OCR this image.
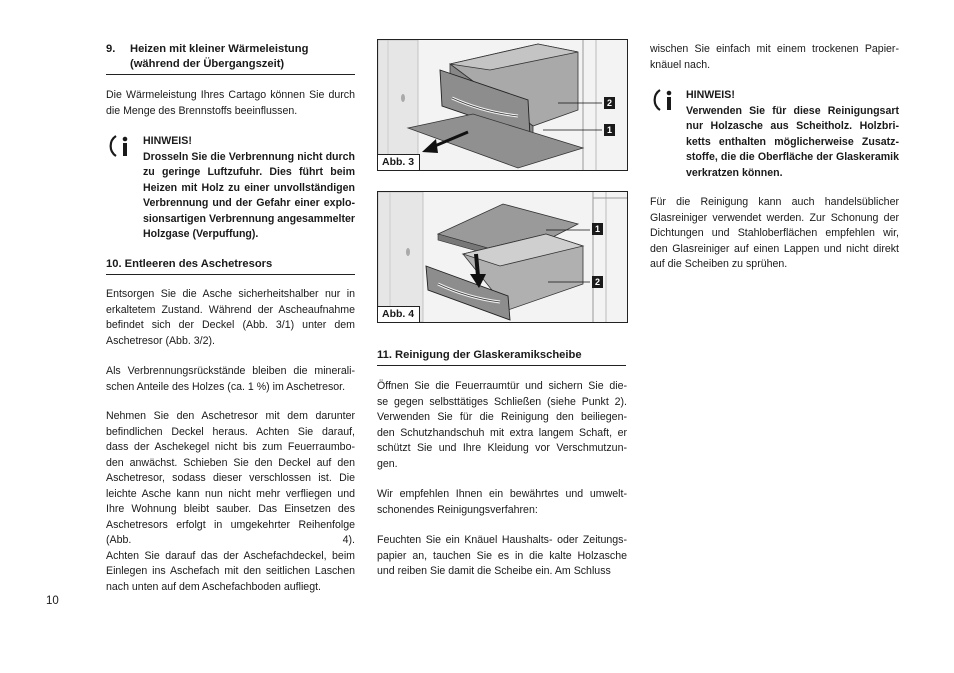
9. Heizen mit kleiner Wärmeleistung
(während der Übergangszeit)

Die Wärmeleistung Ihres Cartago können Sie durch
die Menge des Brennstoffs beeinflussen.

HINWEIS!
Drosseln Sie die Verbrennung nicht durch
zu geringe Luftzufuhr. Dies führt beim
Heizen mit Holz zu einer unvollständigen
Verbrennung und der Gefahr einer explo-
sionsartigen Verbrennung angesammelter
Holzgase (Verpuffung).

10. Entleeren des Aschetresors

Entsorgen Sie die Asche sicherheitshalber nur in
erkaltetem Zustand. Während der Ascheaufnahme
befindet sich der Deckel (Abb. 3/1) unter dem
Aschetresor (Abb. 3/2).

Als Verbrennungsrückstände bleiben die minerali-
schen Anteile des Holzes (ca. 1 %) im Aschetresor.

Nehmen Sie den Aschetresor mit dem darunter
befindlichen Deckel heraus. Achten Sie darauf,
dass der Aschekegel nicht bis zum Feuerraumbo-
den anwächst. Schieben Sie den Deckel auf den
Aschetresor, sodass dieser verschlossen ist. Die
leichte Asche kann nun nicht mehr verfliegen und
Ihre Wohnung bleibt sauber. Das Einsetzen des
Aschetresors erfolgt in umgekehrter Reihenfolge
(Abb. 4).
Achten Sie darauf das der Aschefachdeckel, beim
Einlegen ins Aschefach mit den seitlichen Laschen
nach unten auf dem Aschefachboden aufliegt.

10
2
1
Abb. 3
1
2
Abb. 4
11. Reinigung der Glaskeramikscheibe

Öffnen Sie die Feuerraumtür und sichern Sie die-
se gegen selbsttätiges Schließen (siehe Punkt 2).
Verwenden Sie für die Reinigung den beiliegen-
den Schutzhandschuh mit extra langem Schaft, er
schützt Sie und Ihre Kleidung vor Verschmutzun-
gen.

Wir empfehlen Ihnen ein bewährtes und umwelt-
schonendes Reinigungsverfahren:

Feuchten Sie ein Knäuel Haushalts- oder Zeitungs-
papier an, tauchen Sie es in die kalte Holzasche
und reiben Sie damit die Scheibe ein. Am Schluss

wischen Sie einfach mit einem trockenen Papier-
knäuel nach.

HINWEIS!
Verwenden Sie für diese Reinigungsart
nur Holzasche aus Scheitholz. Holzbri-
ketts enthalten möglicherweise Zusatz-
stoffe, die die Oberfläche der Glaskeramik
verkratzen können.

Für die Reinigung kann auch handelsüblicher
Glasreiniger verwendet werden. Zur Schonung der
Dichtungen und Stahloberflächen empfehlen wir,
den Glasreiniger auf einen Lappen und nicht direkt
auf die Scheiben zu sprühen.
